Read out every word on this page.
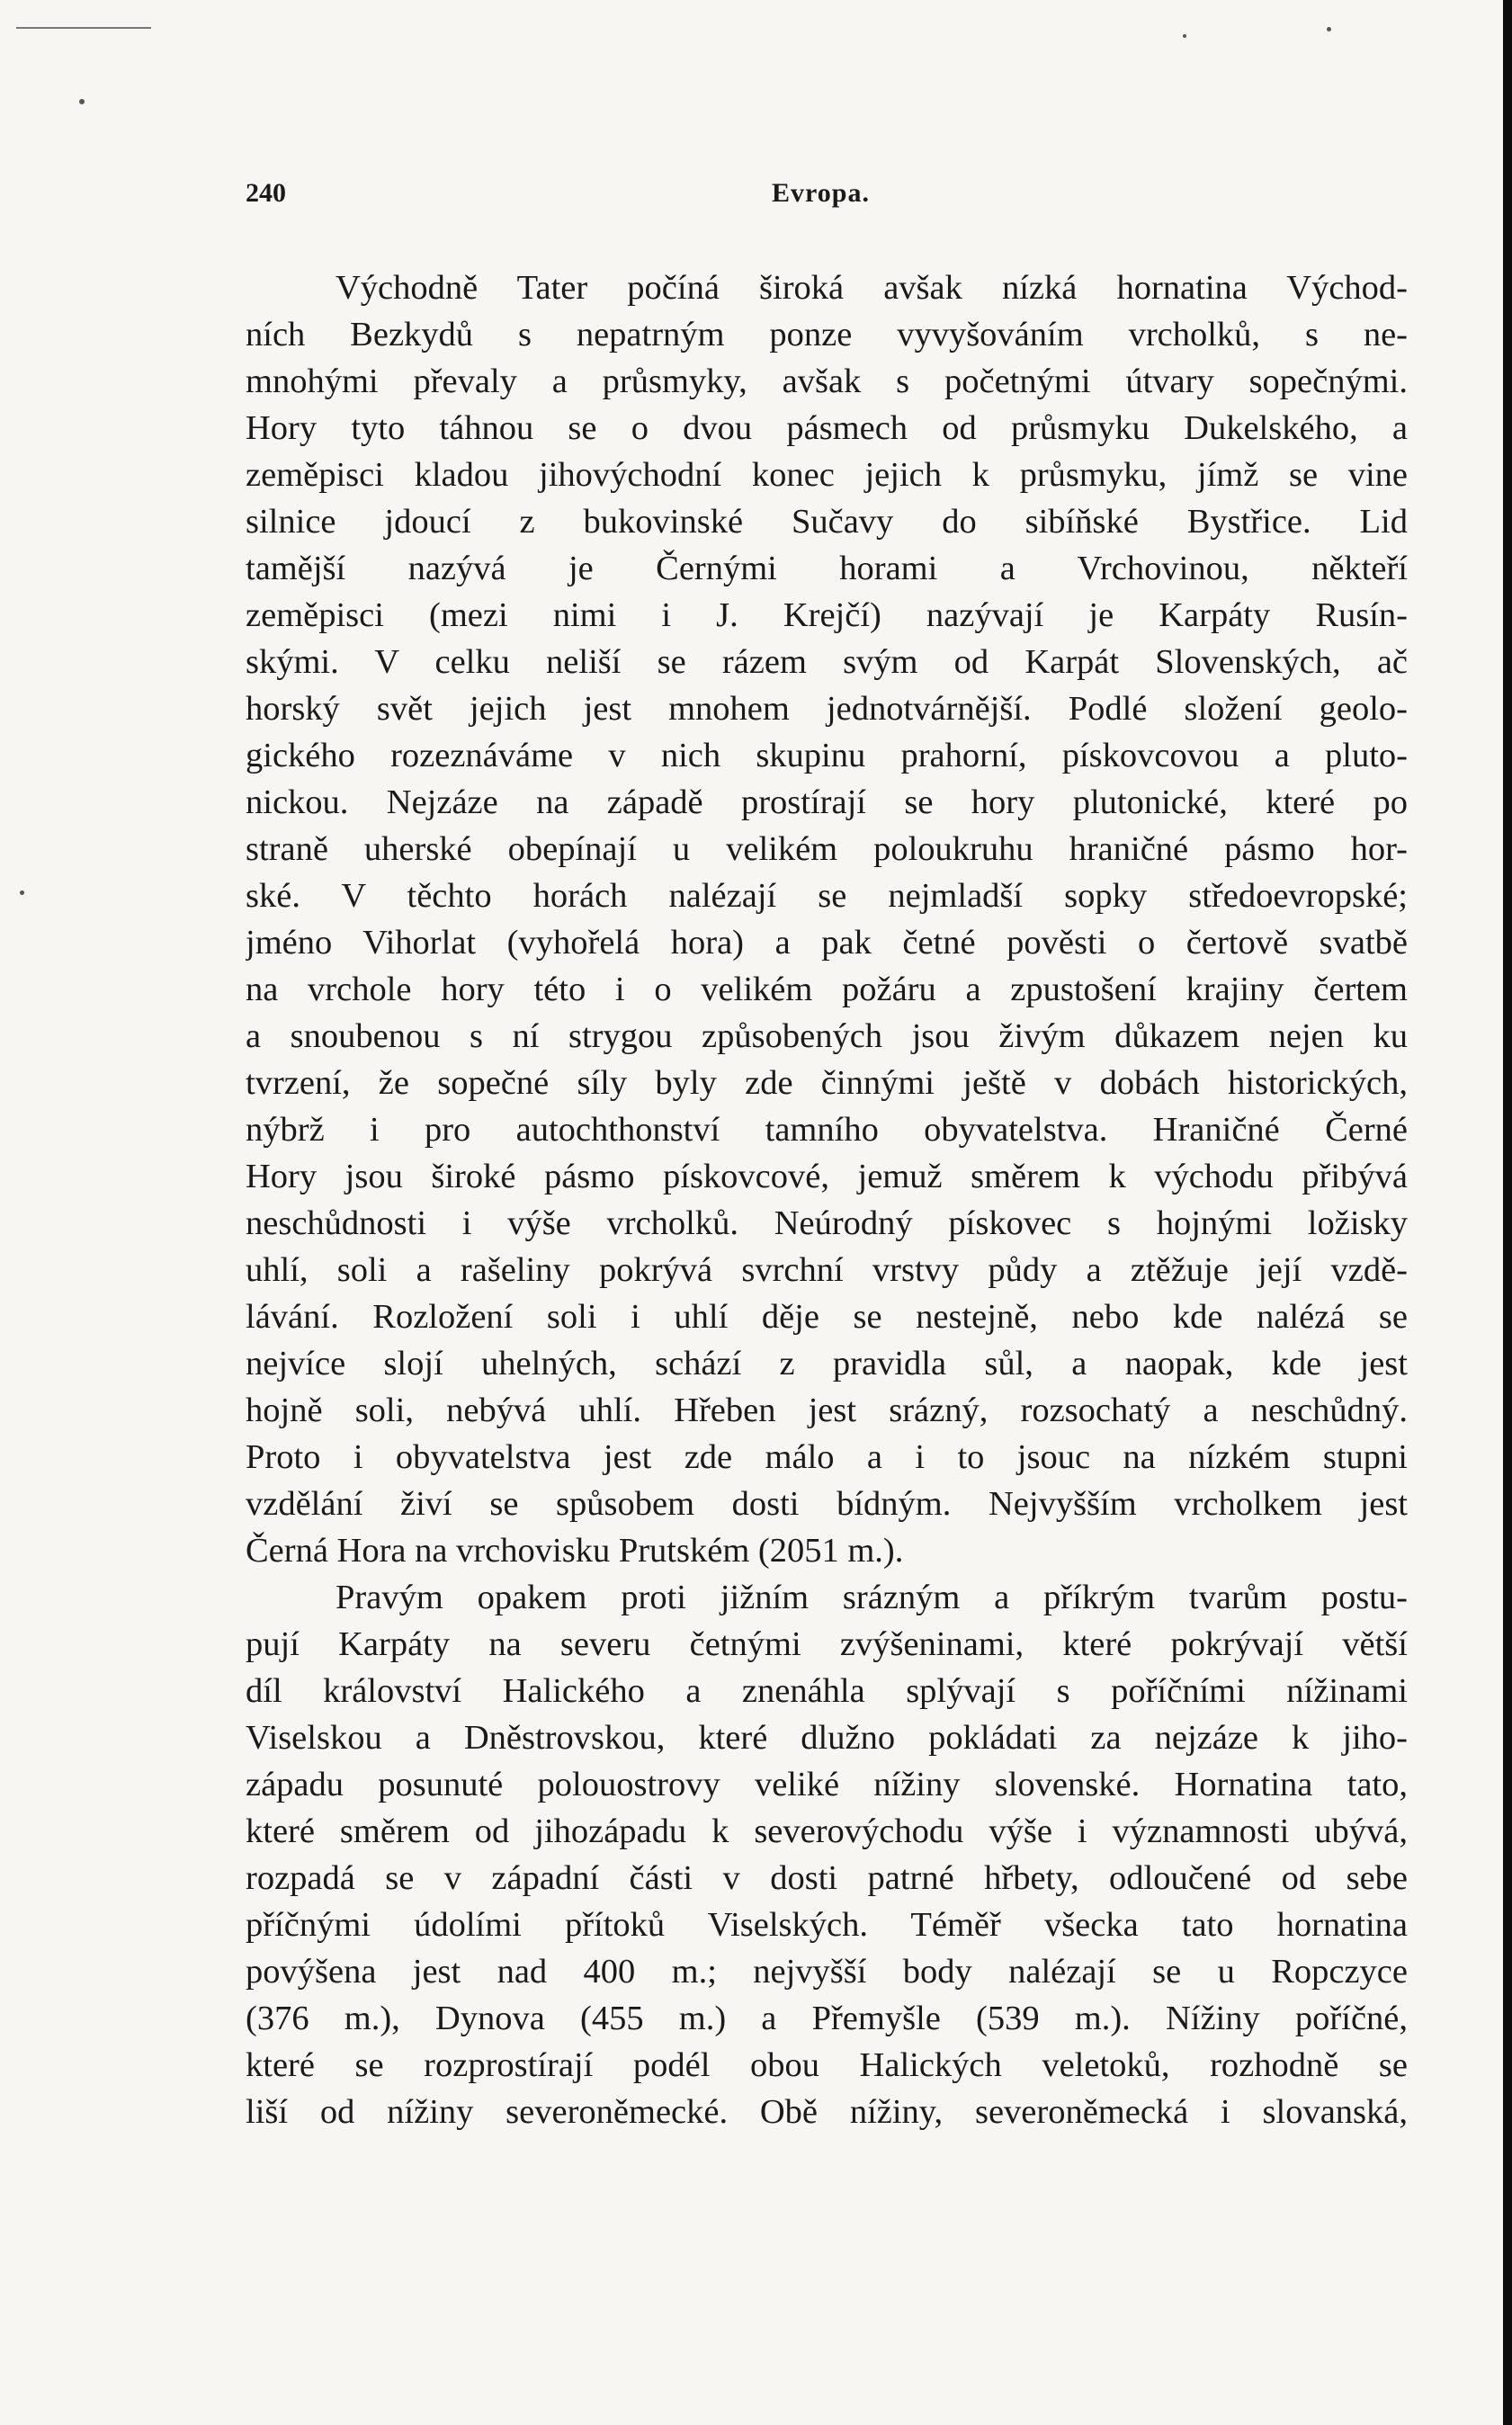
240	Evropa.
Východně Tater počíná široká avšak nízká hornatina Východ-
ních Bezkydů s nepatrným ponze vyvyšováním vrcholků, s ne-
mnohými převaly a průsmyky, avšak s početnými útvary sopečnými.
Hory tyto táhnou se o dvou pásmech od průsmyku Dukelského, a
zeměpisci kladou jihovýchodní konec jejich k průsmyku, jímž se vine
silnice jdoucí z bukovinské Sučavy do sibíňské Bystřice. Lid
tamější nazývá je Černými horami a Vrchovinou, někteří
zeměpisci (mezi nimi i J. Krejčí) nazývají je Karpáty Rusín-
skými. V celku neliší se rázem svým od Karpát Slovenských, ač
horský svět jejich jest mnohem jednotvárnější. Podlé složení geolo-
gického rozeznáváme v nich skupinu prahorní, pískovcovou a pluto-
nickou. Nejzáze na západě prostírají se hory plutonické, které po
straně uherské obepínají u velikém poloukruhu hraničné pásmo hor-
ské. V těchto horách nalézají se nejmladší sopky středoevropské;
jméno Vihorlat (vyhořelá hora) a pak četné pověsti o čertově svatbě
na vrchole hory této i o velikém požáru a zpustošení krajiny čertem
a snoubenou s ní strygou způsobených jsou živým důkazem nejen ku
tvrzení, že sopečné síly byly zde činnými ještě v dobách historických,
nýbrž i pro autochthonství tamního obyvatelstva. Hraničné Černé
Hory jsou široké pásmo pískovcové, jemuž směrem k východu přibývá
neschůdnosti i výše vrcholků. Neúrodný pískovec s hojnými ložisky
uhlí, soli a rašeliny pokrývá svrchní vrstvy půdy a ztěžuje její vzdě-
lávání. Rozložení soli i uhlí děje se nestejně, nebo kde nalézá se
nejvíce slojí uhelných, schází z pravidla sůl, a naopak, kde jest
hojně soli, nebývá uhlí. Hřeben jest srázný, rozsochatý a neschůdný.
Proto i obyvatelstva jest zde málo a i to jsouc na nízkém stupni
vzdělání živí se spůsobem dosti bídným. Nejvyšším vrcholkem jest
Černá Hora na vrchovisku Prutském (2051 m.).
Pravým opakem proti jižním srázným a příkrým tvarům postu-
pují Karpáty na severu četnými zvýšeninami, které pokrývají větší
díl království Halického a znenáhla splývají s poříčními nížinami
Viselskou a Dněstrovskou, které dlužno pokládati za nejzáze k jiho-
západu posunuté polouostrovy veliké nížiny slovenské. Hornatina tato,
které směrem od jihozápadu k severovýchodu výše i významnosti ubývá,
rozpadá se v západní části v dosti patrné hřbety, odloučené od sebe
příčnými údolími přítoků Viselských. Téměř všecka tato hornatina
povýšena jest nad 400 m.; nejvyšší body nalézají se u Ropczyce
(376 m.), Dynova (455 m.) a Přemyšle (539 m.). Nížiny poříčné,
které se rozprostírají podél obou Halických veletoků, rozhodně se
liší od nížiny severoněmecké. Obě nížiny, severoněmecká i slovanská,
